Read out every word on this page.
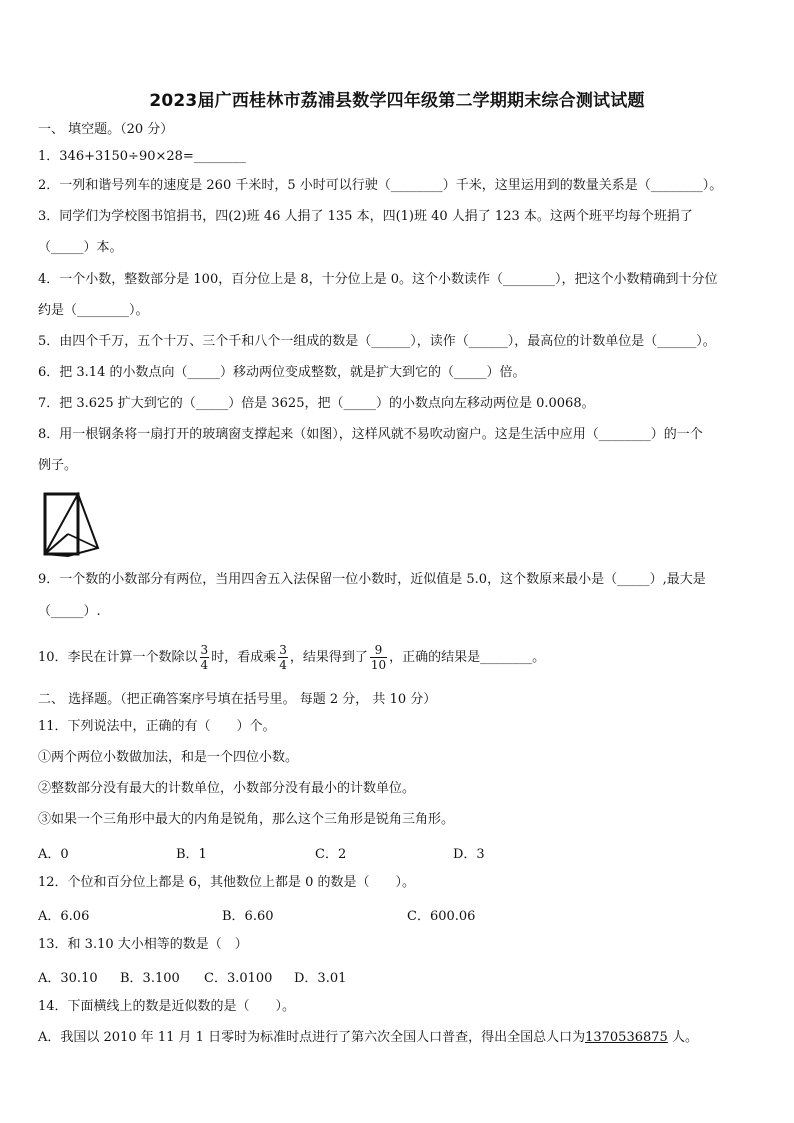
2023届广西桂林市荔浦县数学四年级第二学期期末综合测试试题
一、 填空题。（20 分）
1．346+3150÷90×28=________
2．一列和谐号列车的速度是 260 千米时，5 小时可以行驶（________）千米，这里运用到的数量关系是（________）。
3．同学们为学校图书馆捐书，四(2)班 46 人捐了 135 本，四(1)班 40 人捐了 123 本。这两个班平均每个班捐了
（_____）本。
4．一个小数，整数部分是 100，百分位上是 8，十分位上是 0。这个小数读作（________），把这个小数精确到十分位
约是（________）。
5．由四个千万，五个十万、三个千和八个一组成的数是（______），读作（______），最高位的计数单位是（______）。
6．把 3.14 的小数点向（_____）移动两位变成整数，就是扩大到它的（_____）倍。
7．把 3.625 扩大到它的（_____）倍是 3625，把（_____）的小数点向左移动两位是 0.0068。
8．用一根钢条将一扇打开的玻璃窗支撑起来（如图），这样风就不易吹动窗户。这是生活中应用（________）的一个
例子。
9．一个数的小数部分有两位，当用四舍五入法保留一位小数时，近似值是 5.0，这个数原来最小是（_____）,最大是
（_____）.
10．李民在计算一个数除以 $\frac{3}{4}$ 时，看成乘 $\frac{3}{4}$ ，结果得到了 $\frac{9}{10}$ ，正确的结果是________。
二、 选择题。（把正确答案序号填在括号里。 每题 2 分， 共 10 分）
11．下列说法中，正确的有（　　）个。
①两个两位小数做加法，和是一个四位小数。
②整数部分没有最大的计数单位，小数部分没有最小的计数单位。
③如果一个三角形中最大的内角是锐角，那么这个三角形是锐角三角形。
A．0	B．1	C．2	D．3
12．个位和百分位上都是 6，其他数位上都是 0 的数是（　　）。
A．6.06	B．6.60	C．600.06
13．和 3.10 大小相等的数是（　）
A．30.10 B．3.100 C．3.0100 D．3.01
14．下面横线上的数是近似数的是（　　）。
A．我国以 2010 年 11 月 1 日零时为标准时点进行了第六次全国人口普查，得出全国总人口为1370536875 人。
